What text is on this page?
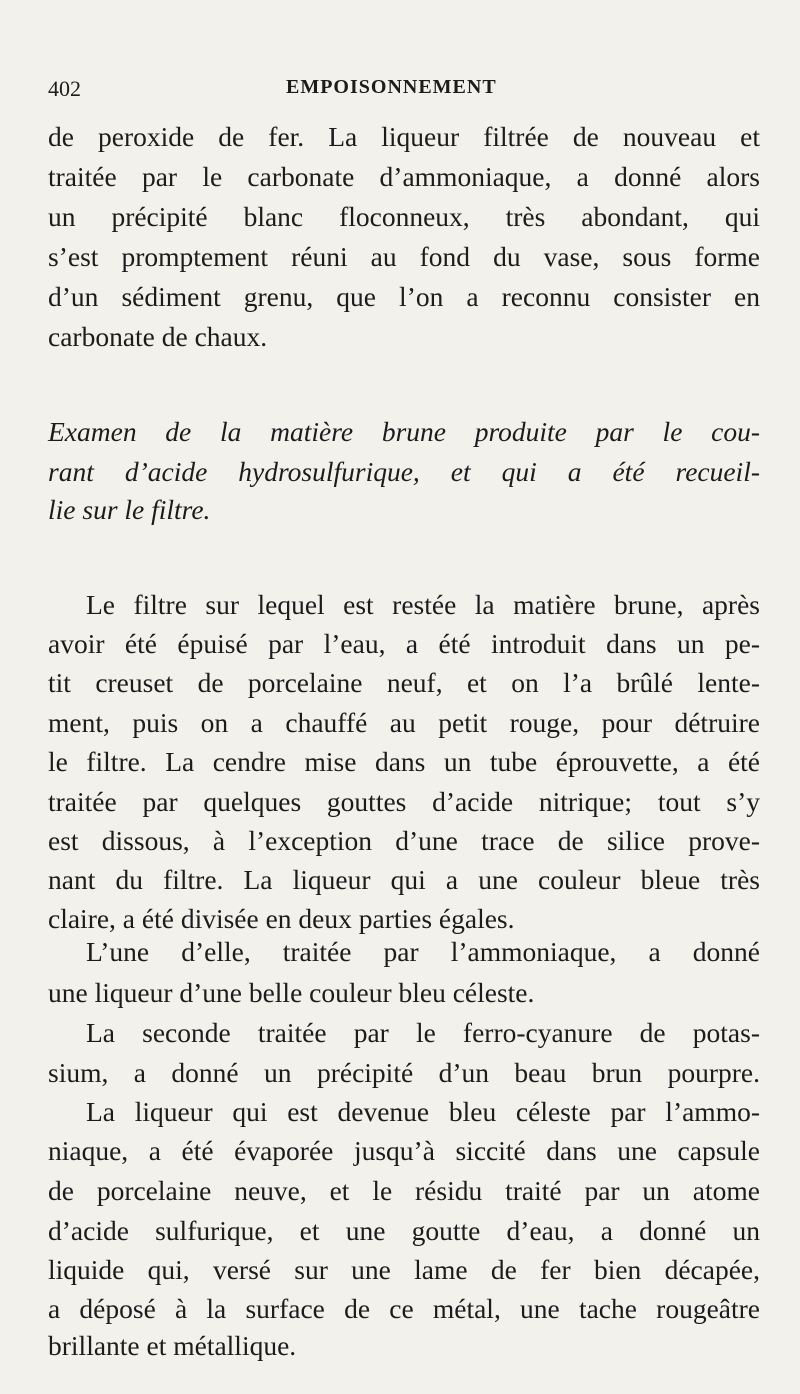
402	EMPOISONNEMENT
de peroxide de fer. La liqueur filtrée de nouveau et
traitée par le carbonate d’ammoniaque, a donné alors
un précipité blanc floconneux, très abondant, qui
s’est promptement réuni au fond du vase, sous forme
d’un sédiment grenu, que l’on a reconnu consister en
carbonate de chaux.
Examen de la matière brune produite par le cou-
rant d’acide hydrosulfurique, et qui a été recueil-
lie sur le filtre.
Le filtre sur lequel est restée la matière brune, après
avoir été épuisé par l’eau, a été introduit dans un pe-
tit creuset de porcelaine neuf, et on l’a brûlé lente-
ment, puis on a chauffé au petit rouge, pour détruire
le filtre. La cendre mise dans un tube éprouvette, a été
traitée par quelques gouttes d’acide nitrique; tout s’y
est dissous, à l’exception d’une trace de silice prove-
nant du filtre. La liqueur qui a une couleur bleue très
claire, a été divisée en deux parties égales.
L’une d’elle, traitée par l’ammoniaque, a donné
une liqueur d’une belle couleur bleu céleste.
La seconde traitée par le ferro-cyanure de potas-
sium, a donné un précipité d’un beau brun pourpre.
La liqueur qui est devenue bleu céleste par l’ammo-
niaque, a été évaporée jusqu’à siccité dans une capsule
de porcelaine neuve, et le résidu traité par un atome
d’acide sulfurique, et une goutte d’eau, a donné un
liquide qui, versé sur une lame de fer bien décapée,
a déposé à la surface de ce métal, une tache rougeâtre
brillante et métallique.
